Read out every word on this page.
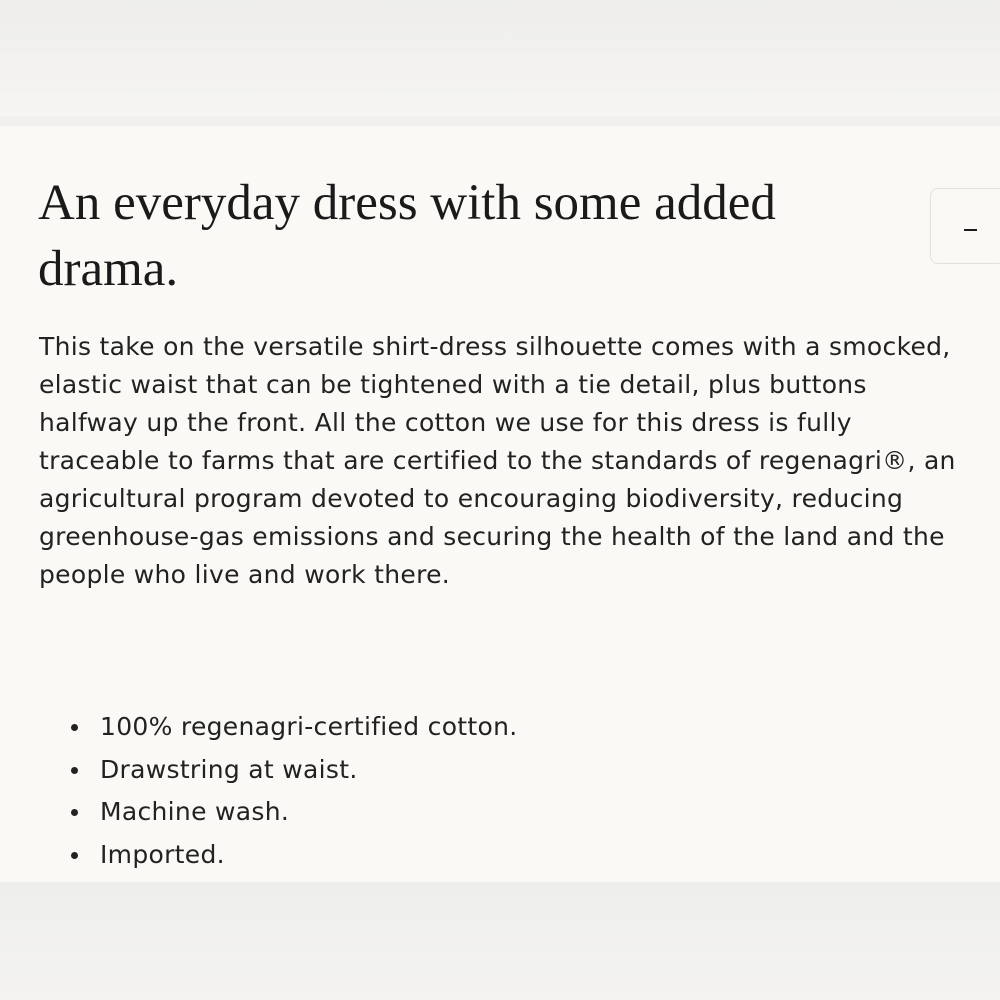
An everyday dress with some added drama.

This take on the versatile shirt-dress silhouette comes with a smocked, elastic waist that can be tightened with a tie detail, plus buttons halfway up the front. All the cotton we use for this dress is fully traceable to farms that are certified to the standards of regenagri®, an agricultural program devoted to encouraging biodiversity, reducing greenhouse-gas emissions and securing the health of the land and the people who live and work there.

100% regenagri-certified cotton.
Drawstring at waist.
Machine wash.
Imported.
